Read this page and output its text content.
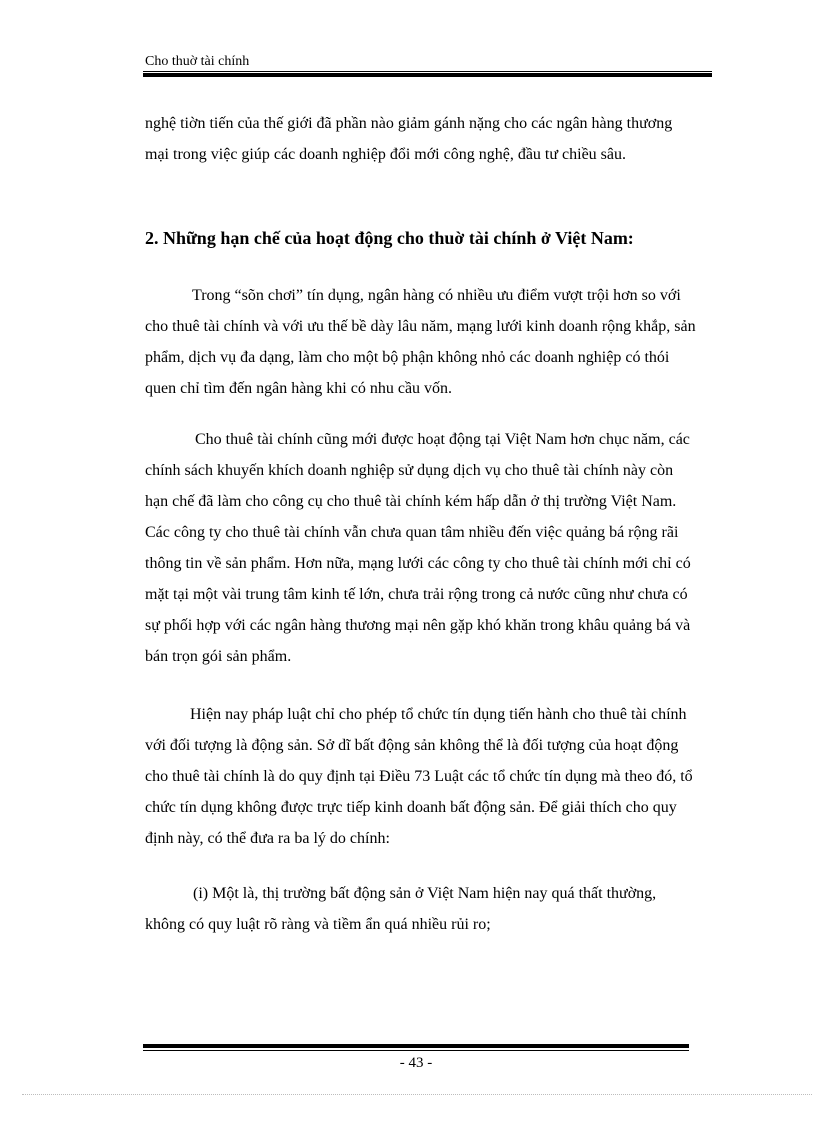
Cho thuờ tài chính
nghệ tiờn tiến của thế giới đã phần nào giảm gánh nặng cho các ngân hàng thương mại trong việc giúp các doanh nghiệp đổi mới công nghệ, đầu tư chiều sâu.
2. Những hạn chế của hoạt động cho thuờ tài chính ở Việt Nam:
Trong “sõn chơi” tín dụng, ngân hàng có nhiều ưu điểm vượt trội hơn so với cho thuê tài chính và với ưu thế bề dày lâu năm, mạng lưới kinh doanh rộng khắp, sản phẩm, dịch vụ đa dạng, làm cho một bộ phận không nhỏ các doanh nghiệp có thói quen chỉ tìm đến ngân hàng khi có nhu cầu vốn.
Cho thuê tài chính cũng mới được hoạt động tại Việt Nam hơn chục năm, các chính sách khuyến khích doanh nghiệp sử dụng dịch vụ cho thuê tài chính này còn hạn chế đã làm cho công cụ cho thuê tài chính kém hấp dẫn ở thị trường Việt Nam. Các công ty cho thuê tài chính vẫn chưa quan tâm nhiều đến việc quảng bá rộng rãi thông tin về sản phẩm. Hơn nữa, mạng lưới các công ty cho thuê tài chính mới chỉ có mặt tại một vài trung tâm kinh tế lớn, chưa trải rộng trong cả nước cũng như chưa có sự phối hợp với các ngân hàng thương mại nên gặp khó khăn trong khâu quảng bá và bán trọn gói sản phẩm.
Hiện nay pháp luật chỉ cho phép tổ chức tín dụng tiến hành cho thuê tài chính với đối tượng là động sản. Sở dĩ bất động sản không thể là đối tượng của hoạt động cho thuê tài chính là do quy định tại Điều 73 Luật các tổ chức tín dụng mà theo đó, tổ chức tín dụng không được trực tiếp kinh doanh bất động sản. Để giải thích cho quy định này, có thể đưa ra ba lý do chính:
(i) Một là, thị trường bất động sản ở Việt Nam hiện nay quá thất thường, không có quy luật rõ ràng và tiềm ẩn quá nhiều rủi ro;
- 43 -
